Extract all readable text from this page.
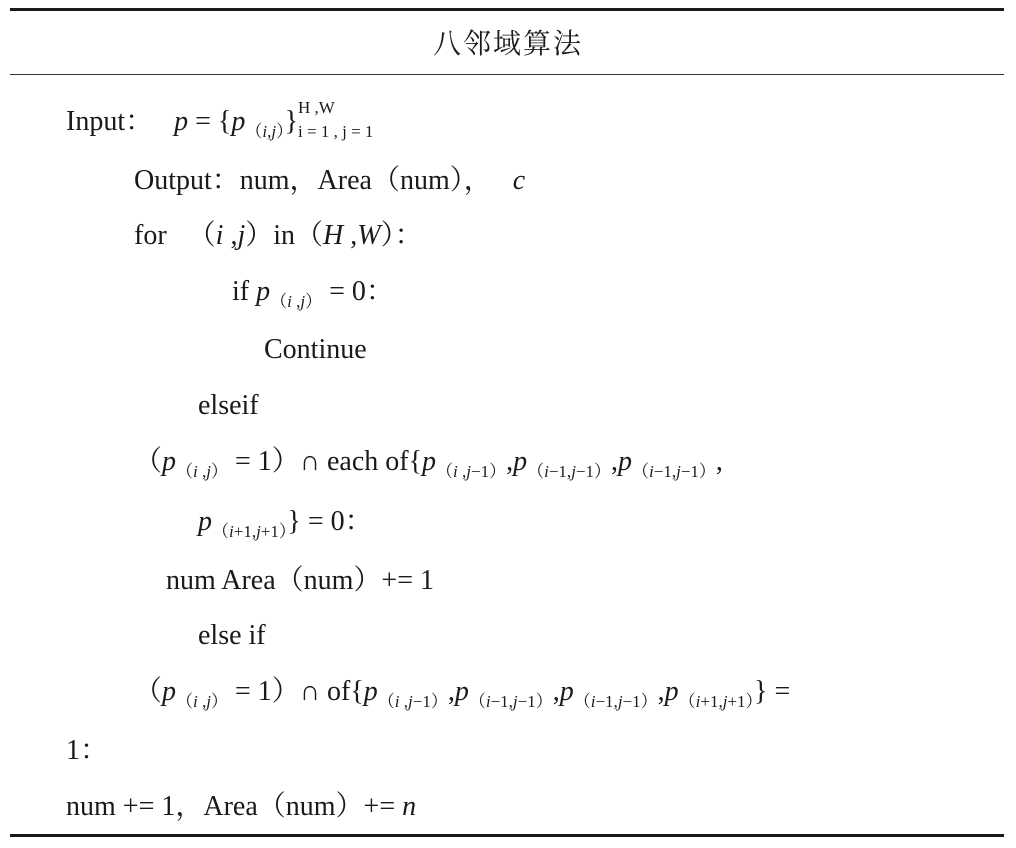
八邻域算法
Input： $p = \{p_{(i,j)}\}$ H ,W
i = 1 , j = 1
Output：num，Area（num）， c
for   （i ,j）in（H ,W）：
if $p_{(i ,j)} = 0$：
Continue
elseif
（$p_{(i ,j)}$ = 1）∩ each $of\{p_{(i ,j-1)},p_{(i-1,j-1)},p_{(i-1,j-1)}$,
$p_{(i+1,j+1)}\} = 0$：
num Area（num）+= 1
else if
（$p_{(i ,j)}$ = 1）∩ $of\{p_{(i ,j-1)},p_{(i-1,j-1)},p_{(i-1,j-1)},p_{(i+1,j+1)}\}$ =
1：
num += 1，Area（num）+= n
